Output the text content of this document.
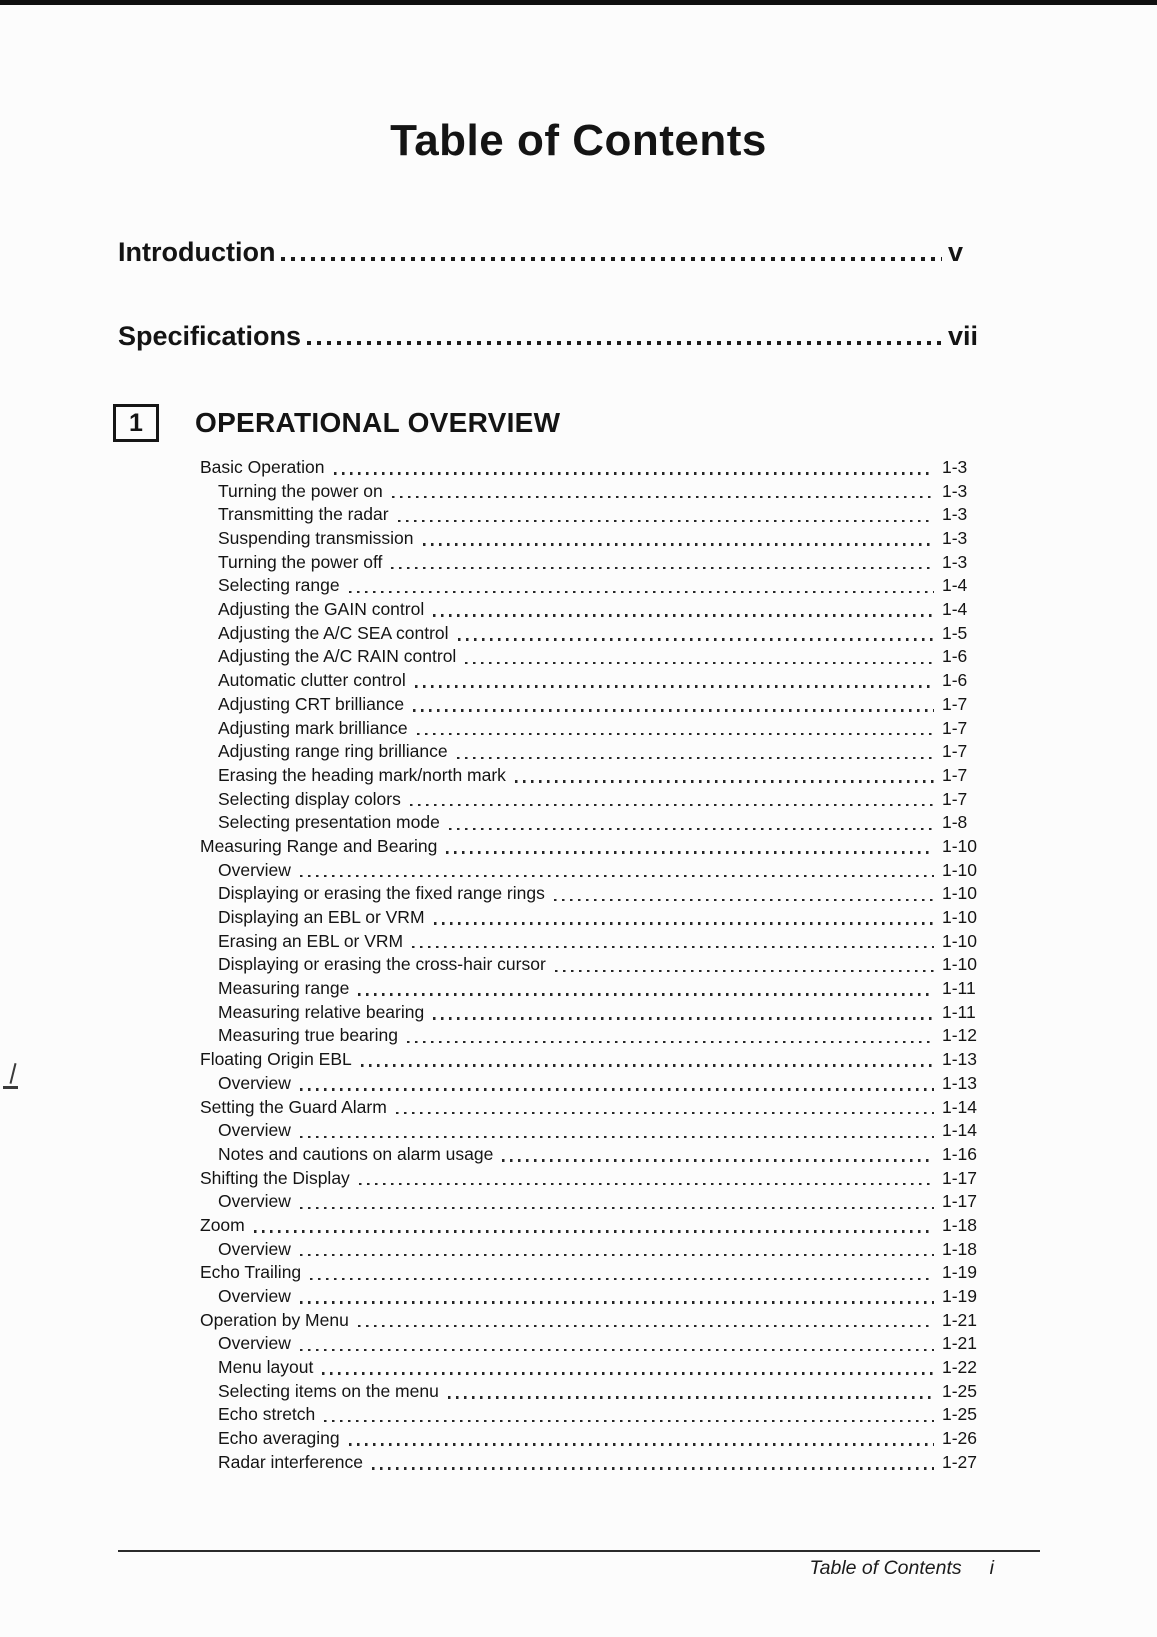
Table of Contents
Introduction	v
Specifications	vii
1 OPERATIONAL OVERVIEW
Basic Operation	1-3
Turning the power on	1-3
Transmitting the radar	1-3
Suspending transmission	1-3
Turning the power off	1-3
Selecting range	1-4
Adjusting the GAIN control	1-4
Adjusting the A/C SEA control	1-5
Adjusting the A/C RAIN control	1-6
Automatic clutter control	1-6
Adjusting CRT brilliance	1-7
Adjusting mark brilliance	1-7
Adjusting range ring brilliance	1-7
Erasing the heading mark/north mark	1-7
Selecting display colors	1-7
Selecting presentation mode	1-8
Measuring Range and Bearing	1-10
Overview	1-10
Displaying or erasing the fixed range rings	1-10
Displaying an EBL or VRM	1-10
Erasing an EBL or VRM	1-10
Displaying or erasing the cross-hair cursor	1-10
Measuring range	1-11
Measuring relative bearing	1-11
Measuring true bearing	1-12
Floating Origin EBL	1-13
Overview	1-13
Setting the Guard Alarm	1-14
Overview	1-14
Notes and cautions on alarm usage	1-16
Shifting the Display	1-17
Overview	1-17
Zoom	1-18
Overview	1-18
Echo Trailing	1-19
Overview	1-19
Operation by Menu	1-21
Overview	1-21
Menu layout	1-22
Selecting items on the menu	1-25
Echo stretch	1-25
Echo averaging	1-26
Radar interference	1-27
Table of Contents i
